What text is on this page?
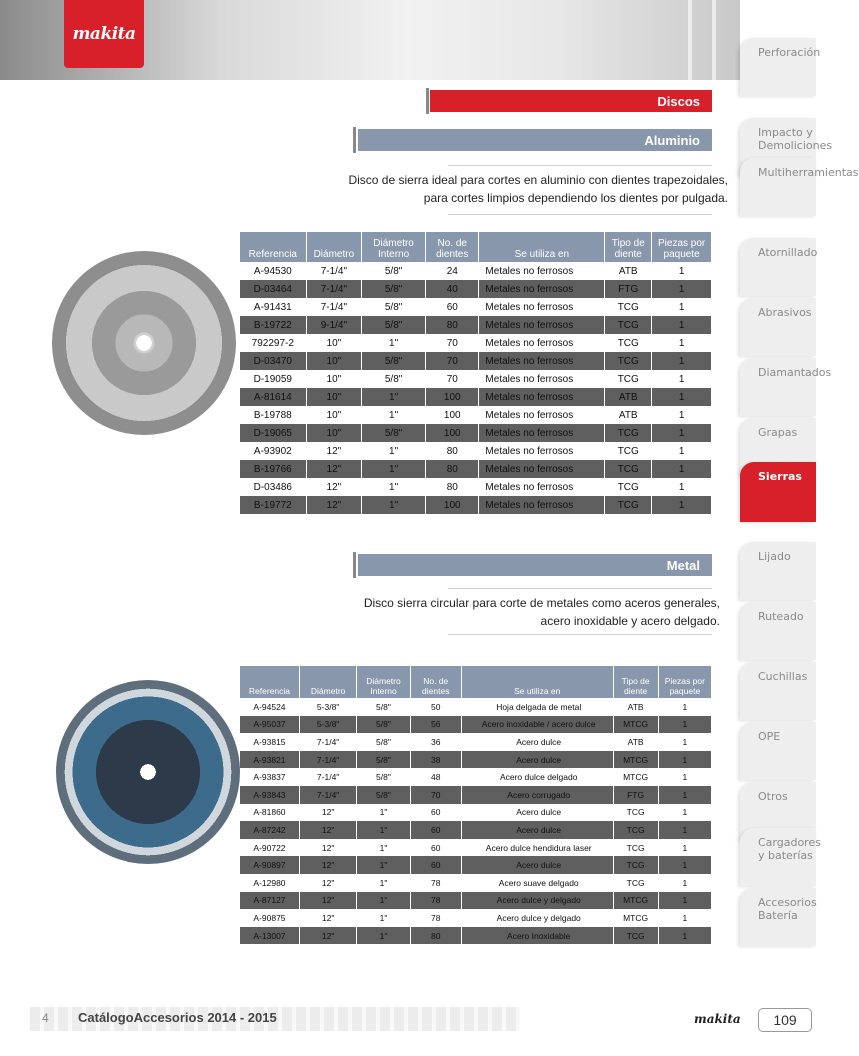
makita
Perforación
Impacto y Demoliciones
Multiherramientas
Atornillado
Abrasivos
Diamantados
Grapas
Sierras
Lijado
Ruteado
Cuchillas
OPE
Otros
Cargadores y baterías
Accesorios Batería
Discos
Aluminio
Disco de sierra ideal para cortes en aluminio con dientes trapezoidales,
para cortes limpios dependiendo los dientes por pulgada.
Referencia	Diámetro	Diámetro Interno	No. de dientes	Se utiliza en	Tipo de diente	Piezas por paquete
A-94530	7-1/4"	5/8"	24	Metales no ferrosos	ATB	1
D-03464	7-1/4"	5/8"	40	Metales no ferrosos	FTG	1
A-91431	7-1/4"	5/8"	60	Metales no ferrosos	TCG	1
B-19722	9-1/4"	5/8"	80	Metales no ferrosos	TCG	1
792297-2	10"	1"	70	Metales no ferrosos	TCG	1
D-03470	10"	5/8"	70	Metales no ferrosos	TCG	1
D-19059	10"	5/8"	70	Metales no ferrosos	TCG	1
A-81614	10"	1"	100	Metales no ferrosos	ATB	1
B-19788	10"	1"	100	Metales no ferrosos	ATB	1
D-19065	10"	5/8"	100	Metales no ferrosos	TCG	1
A-93902	12"	1"	80	Metales no ferrosos	TCG	1
B-19766	12"	1"	80	Metales no ferrosos	TCG	1
D-03486	12"	1"	80	Metales no ferrosos	TCG	1
B-19772	12"	1"	100	Metales no ferrosos	TCG	1
Metal
Disco sierra circular para corte de metales como aceros generales,
acero inoxidable y acero delgado.
Referencia	Diámetro	Diámetro Interno	No. de dientes	Se utiliza en	Tipo de diente	Piezas por paquete
A-94524	5-3/8"	5/8"	50	Hoja delgada de metal	ATB	1
A-95037	5-3/8"	5/8"	56	Acero inoxidable / acero dulce	MTCG	1
A-93815	7-1/4"	5/8"	36	Acero dulce	ATB	1
A-93821	7-1/4"	5/8"	38	Acero dulce	MTCG	1
A-93837	7-1/4"	5/8"	48	Acero dulce delgado	MTCG	1
A-93843	7-1/4"	5/8"	70	Acero corrugado	FTG	1
A-81860	12"	1"	60	Acero dulce	TCG	1
A-87242	12"	1"	60	Acero dulce	TCG	1
A-90722	12"	1"	60	Acero dulce hendidura laser	TCG	1
A-90897	12"	1"	60	Acero dulce	TCG	1
A-12980	12"	1"	78	Acero suave delgado	TCG	1
A-87127	12"	1"	78	Acero dulce y delgado	MTCG	1
A-90875	12"	1"	78	Acero dulce y delgado	MTCG	1
A-13007	12"	1"	80	Acero Inoxidable	TCG	1
4 CatálogoAccesorios 2014 - 2015	makita	109
